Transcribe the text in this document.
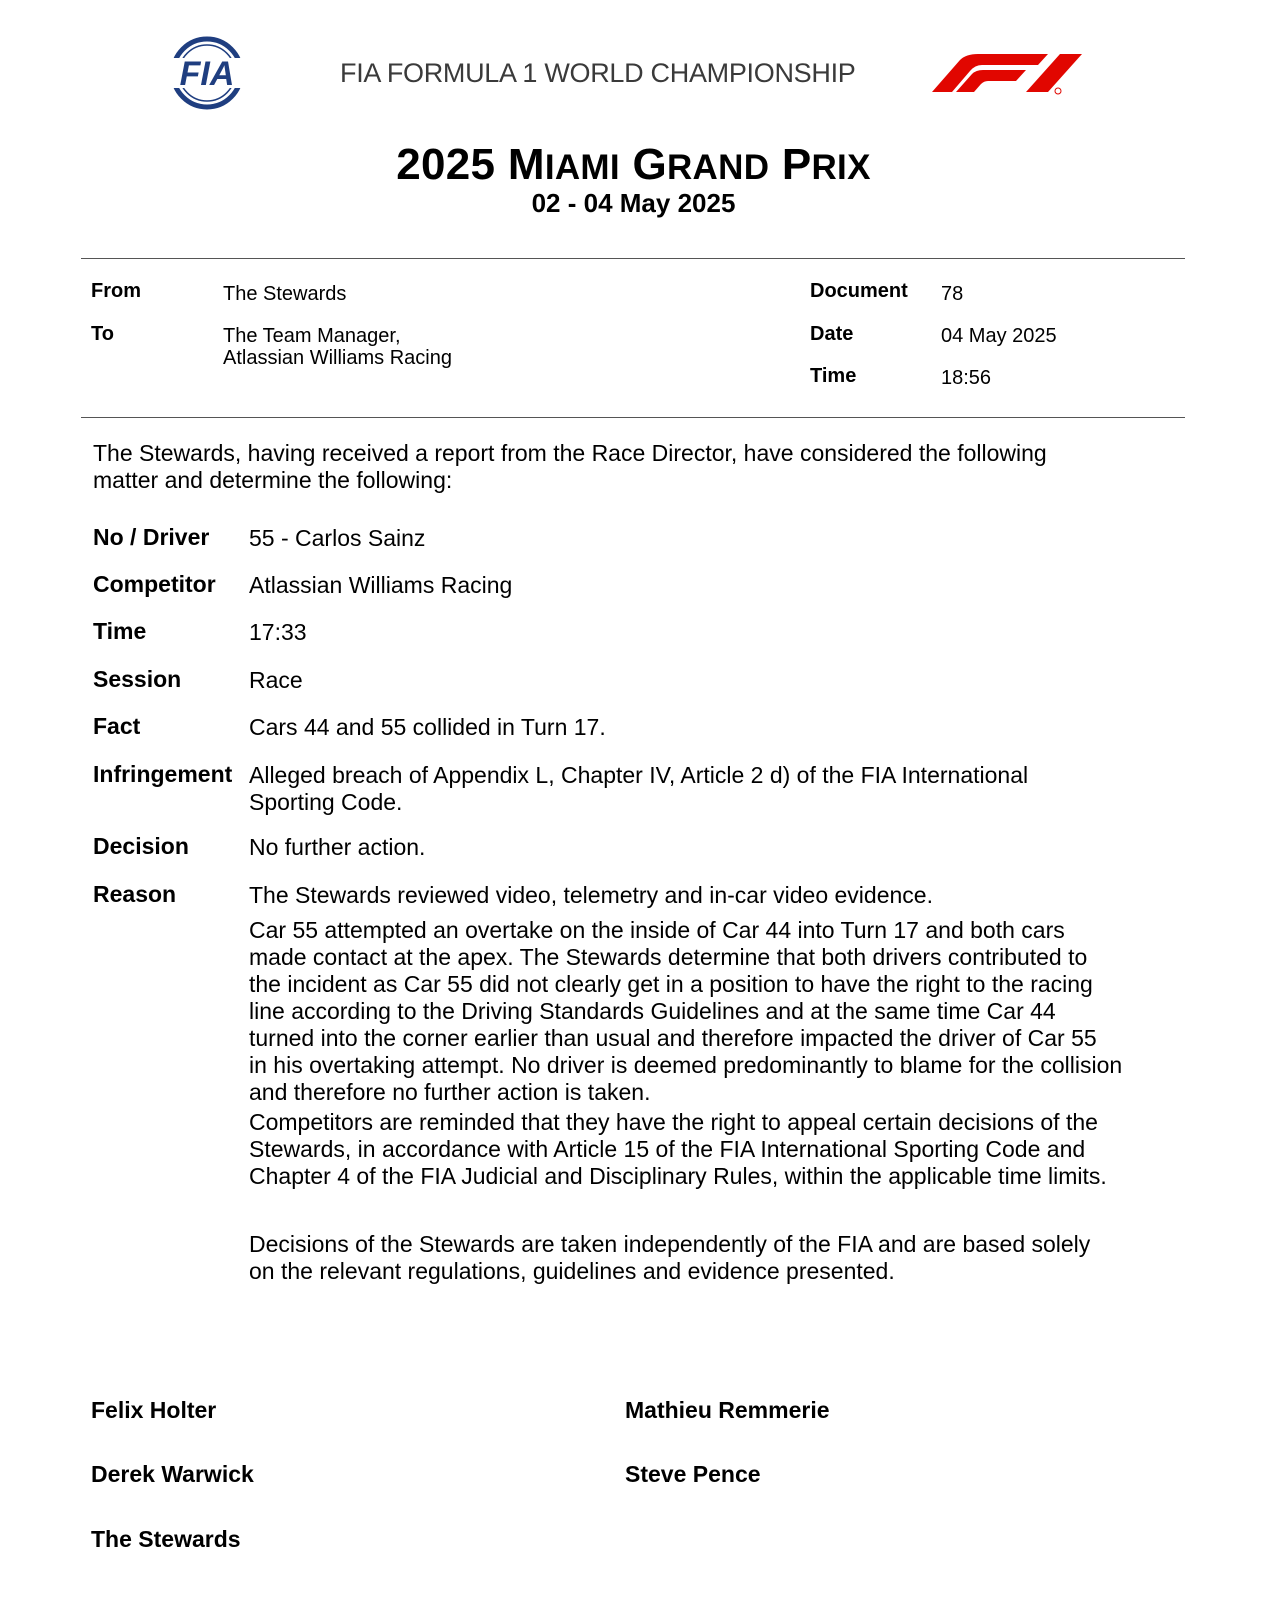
FIA	FIA FORMULA 1 WORLD CHAMPIONSHIP
2025 MIAMI GRAND PRIX
02 - 04 May 2025
From	The Stewards
To	The Team Manager,
Atlassian Williams Racing
Document 78
Date	04 May 2025
Time	18:56
The Stewards, having received a report from the Race Director, have considered the following
matter and determine the following:
No / Driver 55 - Carlos Sainz
Competitor Atlassian Williams Racing
Time	17:33
Session	Race
Fact	Cars 44 and 55 collided in Turn 17.
Infringement Alleged breach of Appendix L, Chapter IV, Article 2 d) of the FIA International
Sporting Code.
Decision	No further action.
Reason	The Stewards reviewed video, telemetry and in-car video evidence.
Car 55 attempted an overtake on the inside of Car 44 into Turn 17 and both cars
made contact at the apex. The Stewards determine that both drivers contributed to
the incident as Car 55 did not clearly get in a position to have the right to the racing
line according to the Driving Standards Guidelines and at the same time Car 44
turned into the corner earlier than usual and therefore impacted the driver of Car 55
in his overtaking attempt. No driver is deemed predominantly to blame for the collision
and therefore no further action is taken.
Competitors are reminded that they have the right to appeal certain decisions of the
Stewards, in accordance with Article 15 of the FIA International Sporting Code and
Chapter 4 of the FIA Judicial and Disciplinary Rules, within the applicable time limits.
Decisions of the Stewards are taken independently of the FIA and are based solely
on the relevant regulations, guidelines and evidence presented.
Felix Holter	Mathieu Remmerie
Derek Warwick	Steve Pence
The Stewards
